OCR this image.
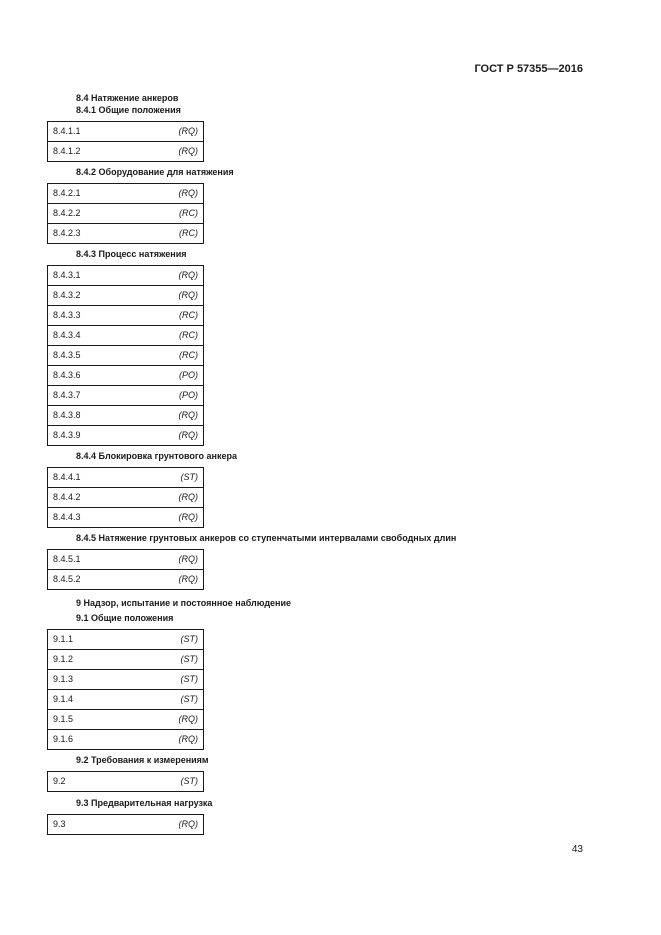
ГОСТ Р 57355—2016
8.4 Натяжение анкеров
8.4.1 Общие положения
8.4.1.1	(RQ)
8.4.1.2	(RQ)
8.4.2 Оборудование для натяжения
8.4.2.1	(RQ)
8.4.2.2	(RC)
8.4.2.3	(RC)
8.4.3 Процесс натяжения
8.4.3.1	(RQ)
8.4.3.2	(RQ)
8.4.3.3	(RC)
8.4.3.4	(RC)
8.4.3.5	(RC)
8.4.3.6	(PO)
8.4.3.7	(PO)
8.4.3.8	(RQ)
8.4.3.9	(RQ)
8.4.4 Блокировка грунтового анкера
8.4.4.1	(ST)
8.4.4.2	(RQ)
8.4.4.3	(RQ)
8.4.5 Натяжение грунтовых анкеров со ступенчатыми интервалами свободных длин
8.4.5.1	(RQ)
8.4.5.2	(RQ)
9 Надзор, испытание и постоянное наблюдение
9.1 Общие положения
9.1.1	(ST)
9.1.2	(ST)
9.1.3	(ST)
9.1.4	(ST)
9.1.5	(RQ)
9.1.6	(RQ)
9.2 Требования к измерениям
9.2	(ST)
9.3 Предварительная нагрузка
9.3	(RQ)
43
